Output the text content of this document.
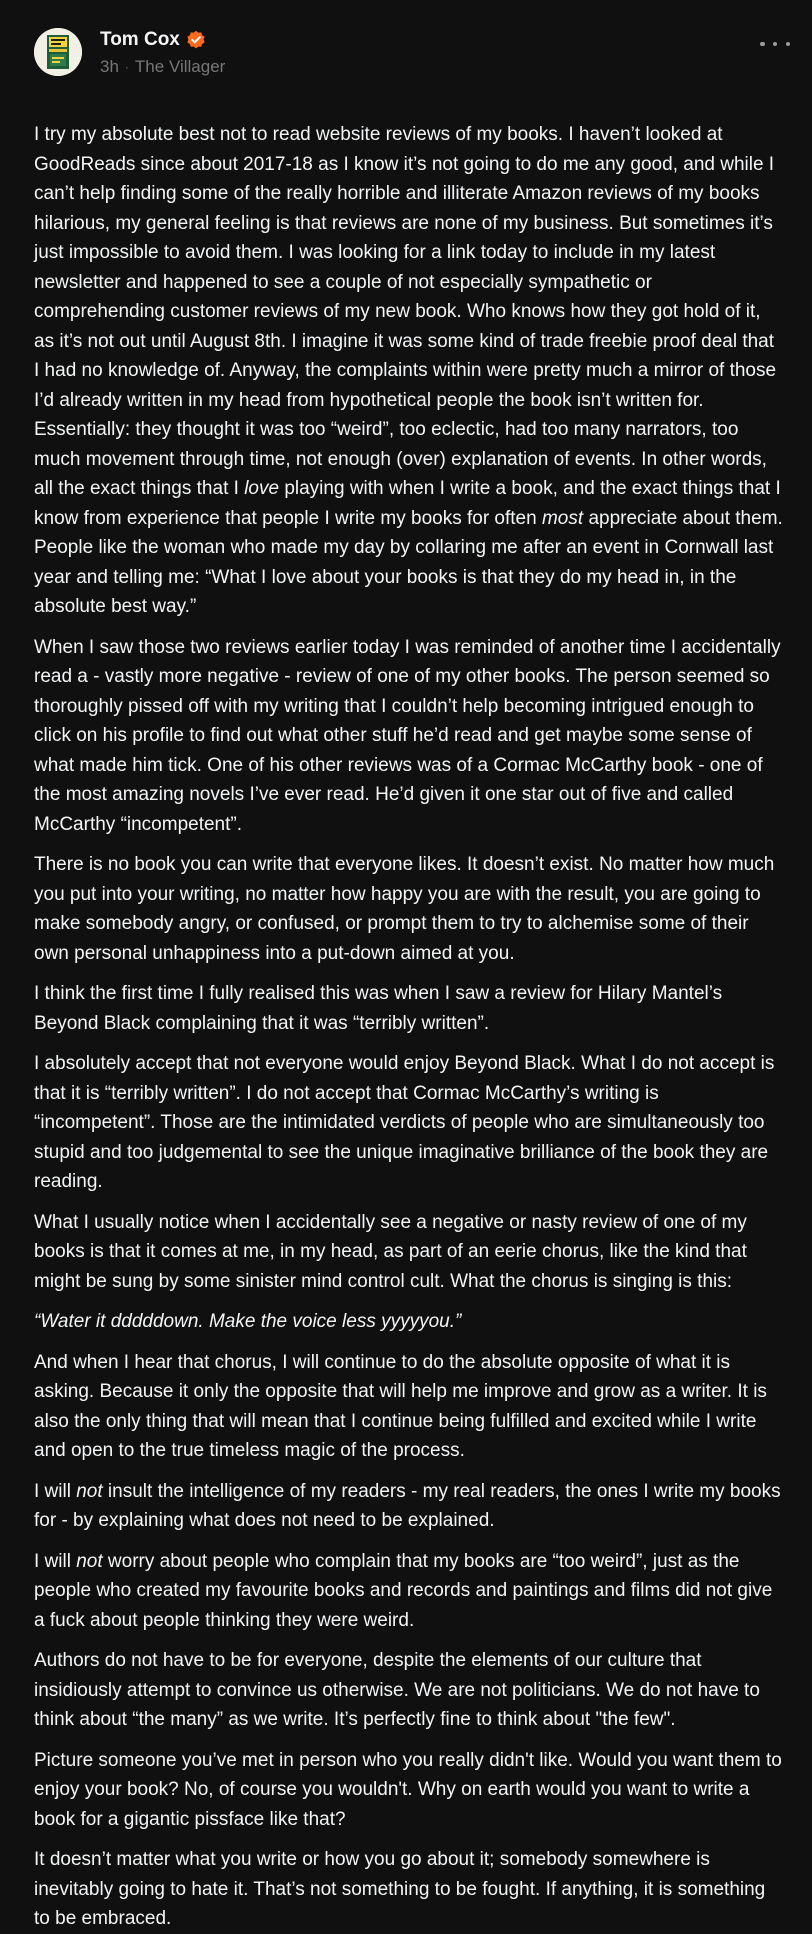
Tom Cox
3h · The Villager

I try my absolute best not to read website reviews of my books. I haven’t looked at GoodReads since about 2017-18 as I know it’s not going to do me any good, and while I can’t help finding some of the really horrible and illiterate Amazon reviews of my books hilarious, my general feeling is that reviews are none of my business. But sometimes it’s just impossible to avoid them. I was looking for a link today to include in my latest newsletter and happened to see a couple of not especially sympathetic or comprehending customer reviews of my new book. Who knows how they got hold of it, as it’s not out until August 8th. I imagine it was some kind of trade freebie proof deal that I had no knowledge of. Anyway, the complaints within were pretty much a mirror of those I’d already written in my head from hypothetical people the book isn’t written for. Essentially: they thought it was too “weird”, too eclectic, had too many narrators, too much movement through time, not enough (over) explanation of events. In other words, all the exact things that I love playing with when I write a book, and the exact things that I know from experience that people I write my books for often most appreciate about them. People like the woman who made my day by collaring me after an event in Cornwall last year and telling me: “What I love about your books is that they do my head in, in the absolute best way.”

When I saw those two reviews earlier today I was reminded of another time I accidentally read a - vastly more negative - review of one of my other books. The person seemed so thoroughly pissed off with my writing that I couldn’t help becoming intrigued enough to click on his profile to find out what other stuff he’d read and get maybe some sense of what made him tick. One of his other reviews was of a Cormac McCarthy book - one of the most amazing novels I’ve ever read. He’d given it one star out of five and called McCarthy “incompetent”.

There is no book you can write that everyone likes. It doesn’t exist. No matter how much you put into your writing, no matter how happy you are with the result, you are going to make somebody angry, or confused, or prompt them to try to alchemise some of their own personal unhappiness into a put-down aimed at you.

I think the first time I fully realised this was when I saw a review for Hilary Mantel’s Beyond Black complaining that it was “terribly written”.

I absolutely accept that not everyone would enjoy Beyond Black. What I do not accept is that it is “terribly written”. I do not accept that Cormac McCarthy’s writing is “incompetent”. Those are the intimidated verdicts of people who are simultaneously too stupid and too judgemental to see the unique imaginative brilliance of the book they are reading.

What I usually notice when I accidentally see a negative or nasty review of one of my books is that it comes at me, in my head, as part of an eerie chorus, like the kind that might be sung by some sinister mind control cult. What the chorus is singing is this:

“Water it dddddown. Make the voice less yyyyyou.”

And when I hear that chorus, I will continue to do the absolute opposite of what it is asking. Because it only the opposite that will help me improve and grow as a writer. It is also the only thing that will mean that I continue being fulfilled and excited while I write and open to the true timeless magic of the process.

I will not insult the intelligence of my readers - my real readers, the ones I write my books for - by explaining what does not need to be explained.

I will not worry about people who complain that my books are “too weird”, just as the people who created my favourite books and records and paintings and films did not give a fuck about people thinking they were weird.

Authors do not have to be for everyone, despite the elements of our culture that insidiously attempt to convince us otherwise. We are not politicians. We do not have to think about “the many” as we write. It’s perfectly fine to think about "the few".

Picture someone you’ve met in person who you really didn't like. Would you want them to enjoy your book? No, of course you wouldn't. Why on earth would you want to write a book for a gigantic pissface like that?

It doesn’t matter what you write or how you go about it; somebody somewhere is inevitably going to hate it. That’s not something to be fought. If anything, it is something to be embraced.
